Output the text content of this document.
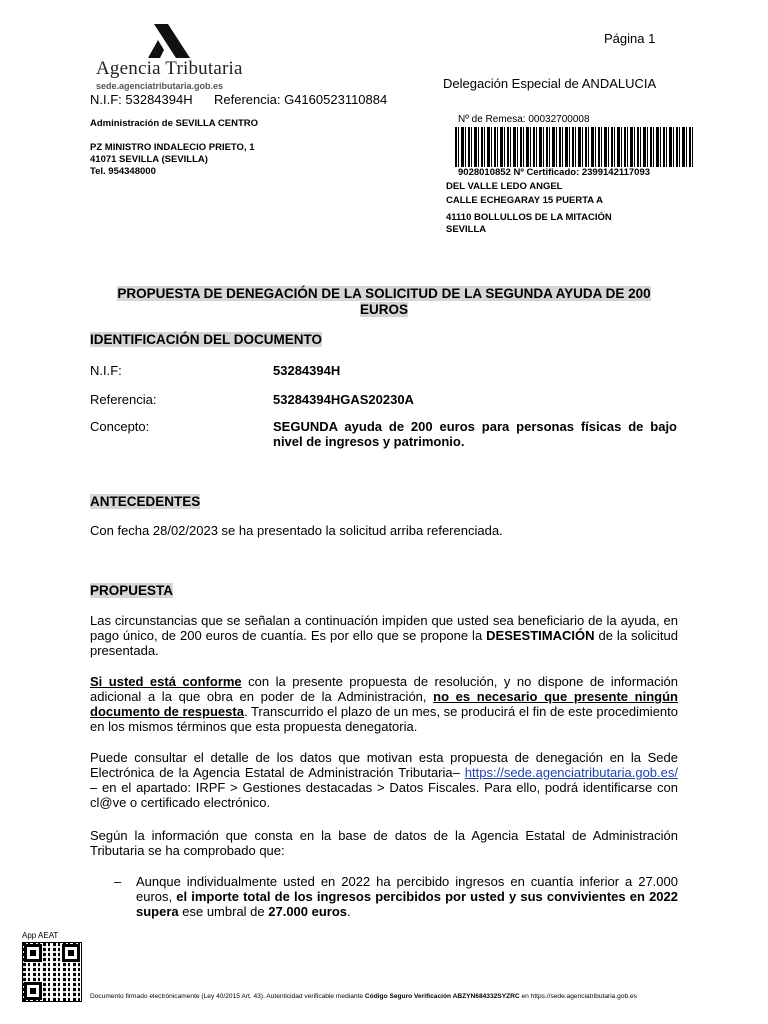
Agencia Tributaria
sede.agenciatributaria.gob.es
Página 1
Delegación Especial de ANDALUCIA
N.I.F: 53284394H Referencia: G4160523110884
Administración de SEVILLA CENTRO
PZ MINISTRO INDALECIO PRIETO, 1
41071 SEVILLA (SEVILLA)
Tel. 954348000
Nº de Remesa: 00032700008
9028010852 Nº Certificado: 2399142117093
DEL VALLE LEDO ANGEL
CALLE ECHEGARAY 15 PUERTA A
41110 BOLLULLOS DE LA MITACIÓN
SEVILLA
PROPUESTA DE DENEGACIÓN DE LA SOLICITUD DE LA SEGUNDA AYUDA DE 200 EUROS
IDENTIFICACIÓN DEL DOCUMENTO
N.I.F:	53284394H
Referencia:	53284394HGAS20230A
Concepto:	SEGUNDA ayuda de 200 euros para personas físicas de bajo nivel de ingresos y patrimonio.
ANTECEDENTES
Con fecha 28/02/2023 se ha presentado la solicitud arriba referenciada.
PROPUESTA
Las circunstancias que se señalan a continuación impiden que usted sea beneficiario de la ayuda, en pago único, de 200 euros de cuantía. Es por ello que se propone la DESESTIMACIÓN de la solicitud presentada.
Si usted está conforme con la presente propuesta de resolución, y no dispone de información adicional a la que obra en poder de la Administración, no es necesario que presente ningún documento de respuesta. Transcurrido el plazo de un mes, se producirá el fin de este procedimiento en los mismos términos que esta propuesta denegatoria.
Puede consultar el detalle de los datos que motivan esta propuesta de denegación en la Sede Electrónica de la Agencia Estatal de Administración Tributaria– https://sede.agenciatributaria.gob.es/ – en el apartado: IRPF > Gestiones destacadas > Datos Fiscales. Para ello, podrá identificarse con cl@ve o certificado electrónico.
Según la información que consta en la base de datos de la Agencia Estatal de Administración Tributaria se ha comprobado que:
– Aunque individualmente usted en 2022 ha percibido ingresos en cuantía inferior a 27.000 euros, el importe total de los ingresos percibidos por usted y sus convivientes en 2022 supera ese umbral de 27.000 euros.
App AEAT
Documento firmado electrónicamente (Ley 40/2015 Art. 43). Autenticidad verificable mediante Código Seguro Verificación ABZYN684332SYZRC en https://sede.agenciatributaria.gob.es
